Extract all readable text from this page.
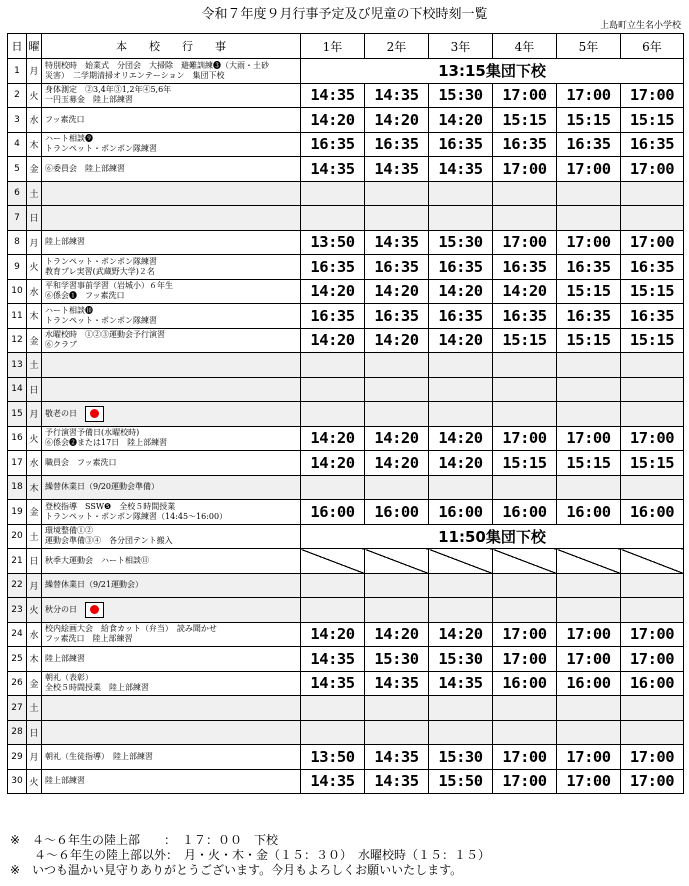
令和７年度９月行事予定及び児童の下校時刻一覧
上島町立生名小学校
日	曜	本　　校　　行　　事	1年	2年	3年	4年	5年	6年
1	月	特別校時　始業式　分団会　大掃除　避難訓練❸（大雨・土砂
災害）　二学期清掃オリエンテーション　集団下校	13:15集団下校					
2	火	身体測定　②3,4年③1,2年④5,6年
一円玉募金　陸上部練習	14:35	14:35	15:30	17:00	17:00	17:00
3	水	フッ素洗口	14:20	14:20	14:20	15:15	15:15	15:15
4	木	ハート相談❾
トランペット・ポンポン隊練習	16:35	16:35	16:35	16:35	16:35	16:35
5	金	⑥委員会　陸上部練習	14:35	14:35	14:35	17:00	17:00	17:00
6	土							
7	日							
8	月	陸上部練習	13:50	14:35	15:30	17:00	17:00	17:00
9	火	トランペット・ポンポン隊練習
教育プレ実習(武蔵野大学)２名	16:35	16:35	16:35	16:35	16:35	16:35
10	水	平和学習事前学習（岩城小）６年生
⑥係会❶　フッ素洗口	14:20	14:20	14:20	14:20	15:15	15:15
11	木	ハート相談❿
トランペット・ポンポン隊練習	16:35	16:35	16:35	16:35	16:35	16:35
12	金	水曜校時　①②③運動会予行演習
⑥クラブ	14:20	14:20	14:20	15:15	15:15	15:15
13	土							
14	日							
15	月	敬老の日						
16	火	予行演習予備日(水曜校時)
⑥係会❷または17日　陸上部練習	14:20	14:20	14:20	17:00	17:00	17:00
17	水	職員会　フッ素洗口	14:20	14:20	14:20	15:15	15:15	15:15
18	木	繰替休業日（9/20運動会準備）						

19	金	登校指導　SSW❺　全校５時間授業
トランペット・ポンポン隊練習（14:45～16:00）	16:00	16:00	16:00	16:00	16:00	16:00
20	土	環境整備①②
運動会準備③④　各分団テント搬入	11:50集団下校					
21	日	秋季大運動会　ハート相談⑪						

22	月	繰替休業日（9/21運動会）						

23	火	秋分の日						
24	水	校内絵画大会　給食カット（弁当）　読み聞かせ
フッ素洗口　陸上部練習	14:20	14:20	14:20	17:00	17:00	17:00
25	木	陸上部練習	14:35	15:30	15:30	17:00	17:00	17:00
26	金	朝礼（表彰）
全校５時間授業　陸上部練習	14:35	14:35	14:35	16:00	16:00	16:00
27	土							
28	日							
29	月	朝礼（生徒指導）　陸上部練習	13:50	14:35	15:30	17:00	17:00	17:00
30	火	陸上部練習	14:35	14:35	15:50	17:00	17:00	17:00
※　４～６年生の陸上部　　：　１７：００　下校
　　４～６年生の陸上部以外：　月・火・木・金（１５：３０）　水曜校時（１５：１５）
※　いつも温かい見守りありがとうございます。今月もよろしくお願いいたします。
